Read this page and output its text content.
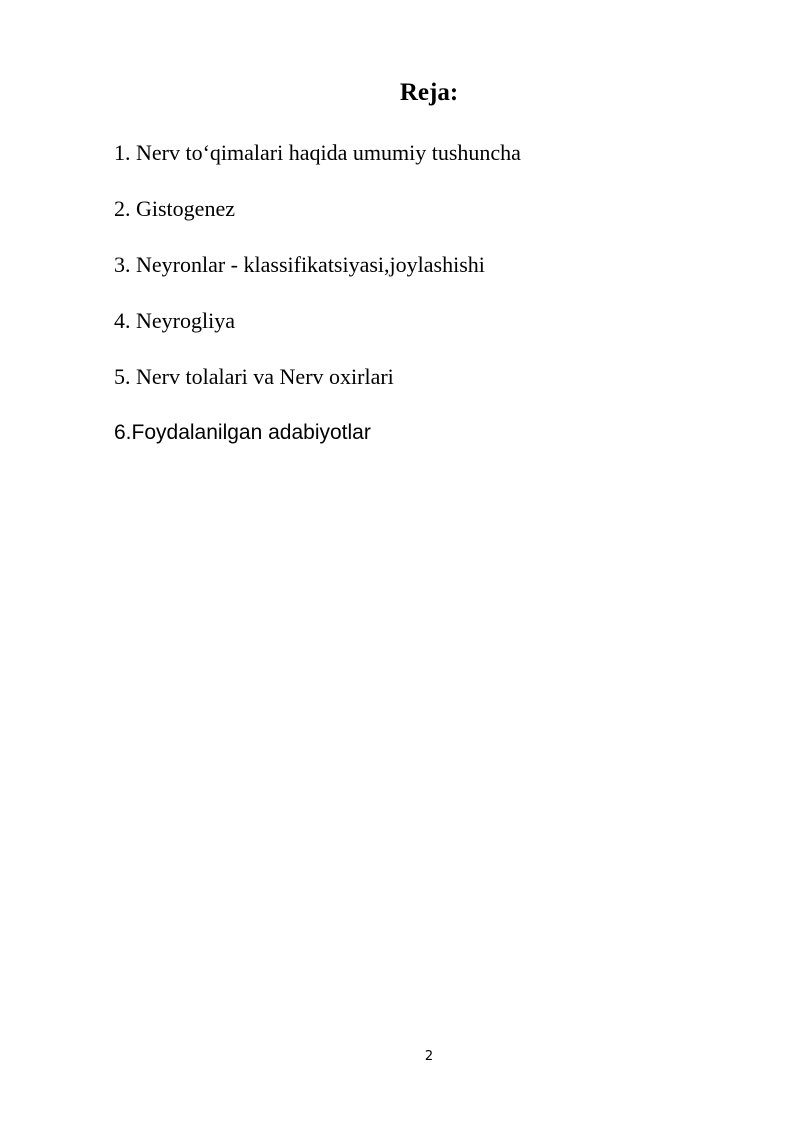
Reja:
1. Nerv to‘qimalari haqida umumiy tushuncha
2. Gistogenez
3. Neyronlar - klassifikatsiyasi,joylashishi
4. Neyrogliya
5. Nerv tolalari va Nerv oxirlari
6.Foydalanilgan adabiyotlar
2
